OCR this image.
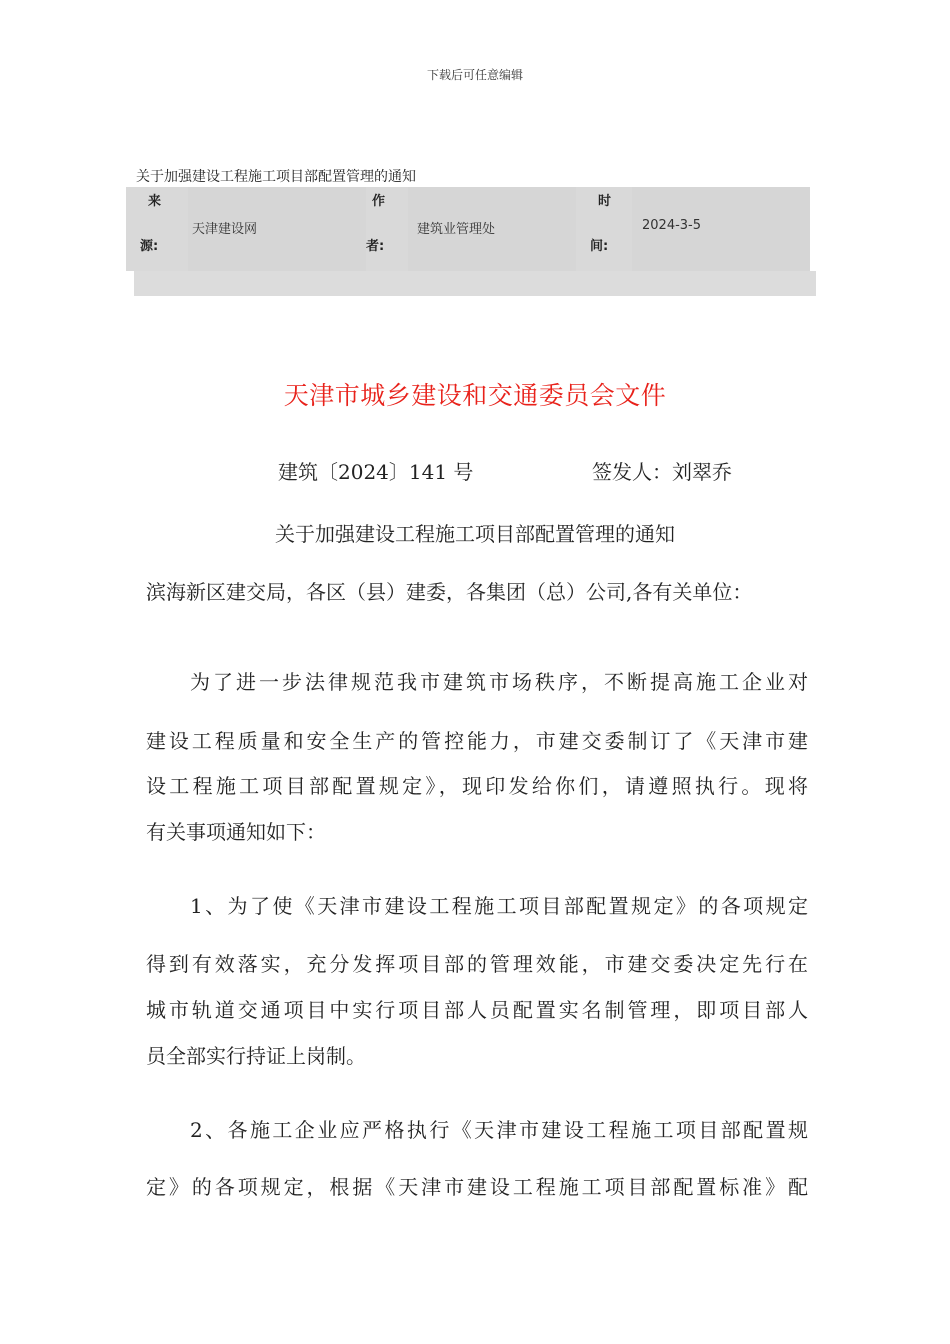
下载后可任意编辑
关于加强建设工程施工项目部配置管理的通知
来
源:
天津建设网
作
者:
建筑业管理处
时
间:
2024-3-5
天津市城乡建设和交通委员会文件
建筑〔2024〕141 号	签发人：刘翠乔
关于加强建设工程施工项目部配置管理的通知
滨海新区建交局，各区（县）建委，各集团（总）公司,各有关单位：
为了进一步法律规范我市建筑市场秩序，不断提高施工企业对
建设工程质量和安全生产的管控能力，市建交委制订了《天津市建
设工程施工项目部配置规定》，现印发给你们，请遵照执行。现将
有关事项通知如下：
1、为了使《天津市建设工程施工项目部配置规定》的各项规定
得到有效落实，充分发挥项目部的管理效能，市建交委决定先行在
城市轨道交通项目中实行项目部人员配置实名制管理，即项目部人
员全部实行持证上岗制。
2、各施工企业应严格执行《天津市建设工程施工项目部配置规
定》的各项规定，根据《天津市建设工程施工项目部配置标准》配
